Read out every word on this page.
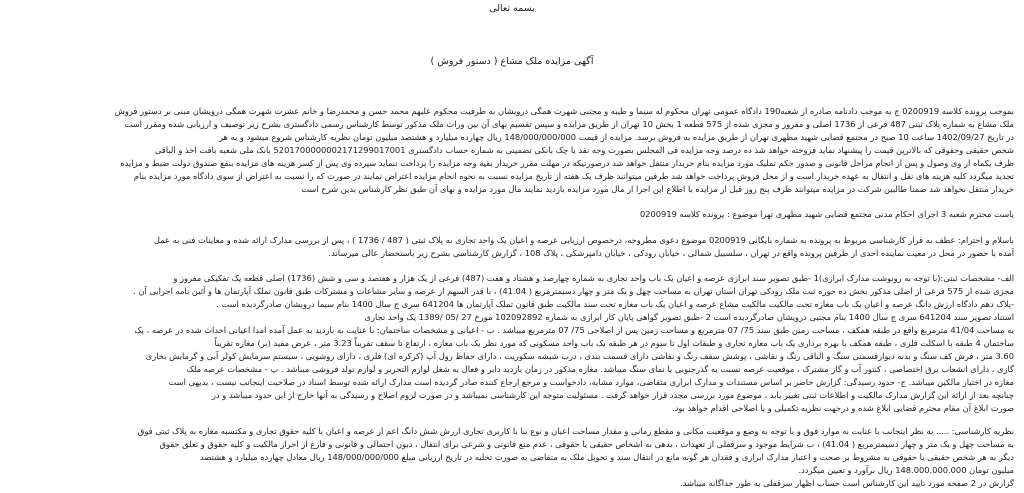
بسمه تعالی
آگهی مزایده ملک مشاع ( دستور فروش )
بموجب پرونده کلاسه 0200919 ج به موجب دادنامه صادره از شعبه190 دادگاه عمومی تهران محکوم له سیما و طیبه و مجتبی شهرت همگی درویشان به طرفیت محکوم علیهم محمد حسن و محمدرضا و خانم عشرت شهرت همگی درویشان مبنی بر دستور فروش
ملک مشاع به شماره پلاک ثبتی 487 فرعی از 1736 اصلی و مفروز و مجزی شده از 575 قطعه 1 بخش 10 تهران از طریق مزایده و سپس تقسیم بهای آن بین وراث ملک مذکور توسط کارشناس رسمی دادگستری بشرح زیر توصیف و ارزیابی شده ومقرر است
در تاریخ 1402/09/27 ساعت 10 صبح در مجتمع قضایی شهید مطهری تهران از طریق مزایده به فروش برسد. مزایده از قیمت 148/000/000/000 ریال چهارده میلیارد و هشتصد میلیون تومان نظریه کارشناس شروع میشود و به هر
شخص حقیقی وحقوقی که بالاترین قیمت را پیشنهاد نماید فروخته خواهد شد ده درصد وجه مزایده فی المجلس بصورت وجه نقد یا چک بانکی تضمینی به شماره حساب دادگستری 5201700000002171299017001 بانک ملی شعبه بافت اخذ و الباقی
ظرف یکماه از وی وصول و پس از انجام مراحل قانونی و صدور حکم تملیک مورد مزایده بنام خریدار منتقل خواهد شد درصورتیکه در مهلت مقرر خریدار بقیه وجه مزایده را پرداخت ننماید سپرده وی پس از کسر هزینه های مزایده بنفع صندوق دولت ضبط و مزایده
تجدید میگردد کلیه هزینه های نقل و انتقال به عهده خریدار است و از محل فروش پرداخت خواهد شد طرفین میتوانند ظرف یک هفته از تاریخ مزایده نسبت به نحوه انجام مزایده اعتراض نمایند در صورت که را نسبت به اعتراض از سوی دادگاه مورد مزایده بنام
خریدار منتقل نخواهد شد ضمنا طالبین شرکت در مزایده میتوانند ظرف پنج روز قبل از مزایده با اطلاع این اجرا از مال مورد مزایده بازدید نمایند مال مورد مزایده و بهای آن طبق نظر کارشناس بدین شرح است
یاست محترم شعبه 3 اجرای احکام مدنی مجتمع قضایی شهید مطهری تهرا موضوع : پرونده کلاسه 0200919
باسلام و احترام: عطف به قرار کارشناسی مربوط به پرونده به شماره بایگانی 0200919 موضوع دعوی مطروحه، درخصوص ارزیابی عرصه و اعیان یک واحد تجاری به پلاک ثبتی ( 487 / 1736 ) ، پس از بررسی مدارک ارائه شده و معاینات فنی به عمل
آمده با حضور در محل در معیت نماینده احدی از طرفین پرونده واقع در تهران ، سلسبیل شمالی ، خیابان رودکی ، خیابان دامپزشکی ، پلاک 108 ، گزارش کارشناسی بشرح زیر باستحضار عالی میرساند.
الف- مشخصات ثبتی:(با توجه به رونوشت مدارک ابرازی)1 -طبق تصویر سند ابرازی عرصه و اعیان یک باب واحد تجاری به شماره چهارصد و هشتاد و هفت (487) فرعی از یک هزار و هفتصد و سی و شش (1736) اصلی قطعه یک تفکیکی مفروز و
مجزی شده از 575 فرعی از اصلی مذکور بخش ده حوزه ثبت ملک رودکی تهران استان تهران به مساحت چهل و یک متر و چهار دسیمترمربع ( 41.04) ، با قدر السهم از عرصه و سایر مشاعات و مشترکات طبق قانون تملک آپارتمان ها و آئین نامه اجرایی آن .
-پلاک دهم دادگاه ارزش دانگ عرصه و اعیان یک باب مغازه تحت مالکیت مالکیت مشاع عرصه و اعیان یک باب مغازه تحت سند مالکیت طبق قانون تملک آپارتمان ها 641204 سری ج سال 1400 بنام سیما درویشان صادرگردیده است .
استناد تصویر سند 641204 سری ج سال 1400 بنام مجتبی درویشان صادرگردیده است 2 -طبق تصویر گواهی پایان کار ابرازی به شماره 102092892 مورخ 27 /05 /1389 یک واحد تجاری
به مساحت 41/04 مترمربع واقع در طبقه همکف ، مساحت زمین طبق سند 75/ 07 مترمربع و مساحت زمین پس از اصلاحی 75/ 07 مترمربع میباشد . ب - اعیانی و مشخصات ساختمان: با عنایت به بازدید به عمل آمده امدا اعیانی احداث شده در عرصه ، یک
ساختمان 4 طبقه با اسکلت فلزی ، طبقه همکف با بهره برداری یک باب مغازه تجاری و طبقات اول تا سوم در هر طبقه یک باب واحد مسکونی که مورد نظر یک باب مغازه ، ارتفاع تا سقف تقریباً 3.23 متر ، عرض مفید (بر) مغازه تقریباً
3.60 متر ، فرش کف سنگ و بدنه دیوارقسمتی سنگ و الباقی رنگ و نقاشی ، پوشش سقف رنگ و نقاشی دارای قسمت بندی ، درب شیشه سکوریت ، دارای حفاظ رول آپ (کرکره ای) فلزی ، دارای روشویی ، سیستم سرمایش کولر آبی و گرمایش بخاری
گازی ، دارای انشعاب برق اختصاصی ، کنتور آب و گاز مشترک ، موقعیت عرصه نسبت به گذرجنوبی با نمای سنگ میباشد. مغازه مذکور در زمان بازدید دایر و فعال به شغل لوازم التحریر و لوازم تولد فروشی میباشد . پ - مشخصات عرصه ملک
مغازه در اختیار مالکین میباشد. ج- حدود رسیدگی: گزارش حاضر بر اساس مستندات و مدارک ابرازی متقاضی، موارد مشابه، دادخواست و مرجع ارجاع کننده صادر گردیده است مدارک ارائه شده توسط اسناد در صلاحیت اینجانب نیست ، بدیهی است
چنانچه بعد از ارائه این گزارش مدارک مالکیت و اطلاعات ثبتی تغییر یابد ، موضوع مورد بررسی مجدد قرار خواهد گرفت . مسئولیت متوجه این کارشناسی نمیباشد و در صورت لزوم اصلاح و رسیدگی به آنها خارج از این حدود میباشد و در
صورت ابلاغ آن مقام محترم قضایی ابلاغ شده و درجهت نظریه تکمیلی و یا اصلاحی اقدام خواهد بود.
نظریه کارشناسی: ..... به نظر اینجانب با عنایت به موارد فوق و با توجه به وضع و موقعیت مکانی و مقطع زمانی و مقدار مساحت اعیان و نوع بنا با کاربری تجاری ارزش شش دانگ اعم از عرصه و اعیان با کلیه حقوق تجاری و مکتسبه مغازه به پلاک ثبتی فوق
به مساحت چهل و یک متر و چهار دسیمترمربع ( 41.04) ، ب شرایط موجود و سرقفلی از تعهدات ، بدهی به اشخاص حقیقی یا حقوقی ، عدم منع قانونی و شرعی برای انتقال ، دیون احتمالی و قانونی و فارغ از احراز مالکیت و کلیه حقوق و تعلق حقوق
دیگر به هر شخص حقیقی یا حقوقی به مشروط بر صحت و اعتبار مدارک ابرازی و فقدان هر گونه مانع در انتقال سند و تحویل ملک به متقاضی به صورت تخلیه در تاریخ ارزیابی مبلغ 148/000/000/000 ریال معادل چهارده میلیارد و هشتصد
میلیون تومان 148.000.000.000 ریال برآورد و تعیین میگردد.
گزارش در 2 صفحه مورد تایید این کارشناس است حساب اظهار سرقفلی به طور جداگانه میباشد.
